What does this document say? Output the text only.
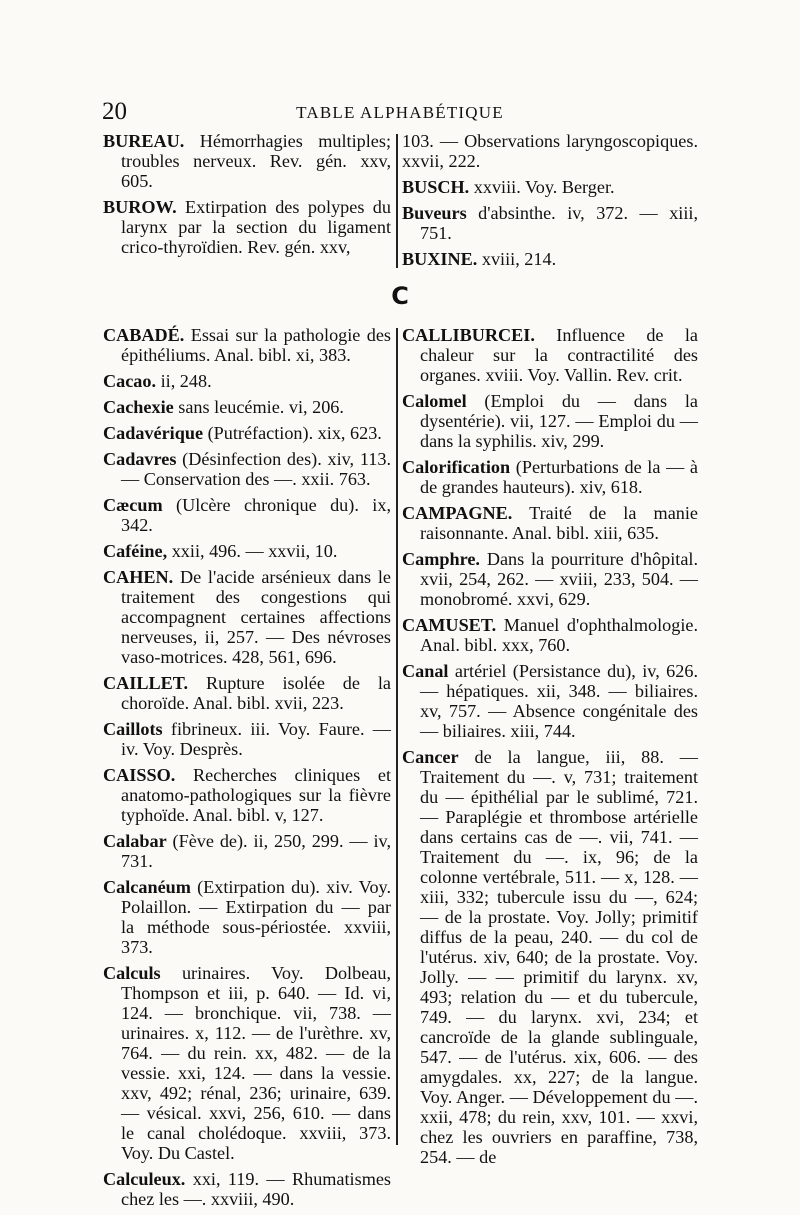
20	TABLE ALPHABÉTIQUE

BUREAU. Hémorrhagies multiples; troubles nerveux. Rev. gén. xxv, 605.

BUROW. Extirpation des polypes du larynx par la section du ligament crico-thyroïdien. Rev. gén. xxv,

103. — Observations laryngoscopiques. xxvii, 222.

BUSCH. xxviii. Voy. Berger.

Buveurs d'absinthe. iv, 372. — xiii, 751.

BUXINE. xviii, 214.

C

CABADÉ. Essai sur la pathologie des épithéliums. Anal. bibl. xi, 383.

Cacao. ii, 248.

Cachexie sans leucémie. vi, 206.

Cadavérique (Putréfaction). xix, 623.

Cadavres (Désinfection des). xiv, 113. — Conservation des —. xxii. 763.

Cæcum (Ulcère chronique du). ix, 342.

Caféine, xxii, 496. — xxvii, 10.

CAHEN. De l'acide arsénieux dans le traitement des congestions qui accompagnent certaines affections nerveuses, ii, 257. — Des névroses vaso-motrices. 428, 561, 696.

CAILLET. Rupture isolée de la choroïde. Anal. bibl. xvii, 223.

Caillots fibrineux. iii. Voy. Faure. — iv. Voy. Desprès.

CAISSO. Recherches cliniques et anatomo-pathologiques sur la fièvre typhoïde. Anal. bibl. v, 127.

Calabar (Fève de). ii, 250, 299. — iv, 731.

Calcanéum (Extirpation du). xiv. Voy. Polaillon. — Extirpation du — par la méthode sous-périostée. xxviii, 373.

Calculs urinaires. Voy. Dolbeau, Thompson et iii, p. 640. — Id. vi, 124. — bronchique. vii, 738. — urinaires. x, 112. — de l'urèthre. xv, 764. — du rein. xx, 482. — de la vessie. xxi, 124. — dans la vessie. xxv, 492; rénal, 236; urinaire, 639. — vésical. xxvi, 256, 610. — dans le canal cholédoque. xxviii, 373. Voy. Du Castel.

Calculeux. xxi, 119. — Rhumatismes chez les —. xxviii, 490.

CALLIBURCEI. Influence de la chaleur sur la contractilité des organes. xviii. Voy. Vallin. Rev. crit.

Calomel (Emploi du — dans la dysentérie). vii, 127. — Emploi du — dans la syphilis. xiv, 299.

Calorification (Perturbations de la — à de grandes hauteurs). xiv, 618.

CAMPAGNE. Traité de la manie raisonnante. Anal. bibl. xiii, 635.

Camphre. Dans la pourriture d'hôpital. xvii, 254, 262. — xviii, 233, 504. — monobromé. xxvi, 629.

CAMUSET. Manuel d'ophthalmologie. Anal. bibl. xxx, 760.

Canal artériel (Persistance du), iv, 626. — hépatiques. xii, 348. — biliaires. xv, 757. — Absence congénitale des — biliaires. xiii, 744.

Cancer de la langue, iii, 88. — Traitement du —. v, 731; traitement du — épithélial par le sublimé, 721. — Paraplégie et thrombose artérielle dans certains cas de —. vii, 741. — Traitement du —. ix, 96; de la colonne vertébrale, 511. — x, 128. — xiii, 332; tubercule issu du —, 624; — de la prostate. Voy. Jolly; primitif diffus de la peau, 240. — du col de l'utérus. xiv, 640; de la prostate. Voy. Jolly. — — primitif du larynx. xv, 493; relation du — et du tubercule, 749. — du larynx. xvi, 234; et cancroïde de la glande sublinguale, 547. — de l'utérus. xix, 606. — des amygdales. xx, 227; de la langue. Voy. Anger. — Développement du —. xxii, 478; du rein, xxv, 101. — xxvi, chez les ouvriers en paraffine, 738, 254. — de
